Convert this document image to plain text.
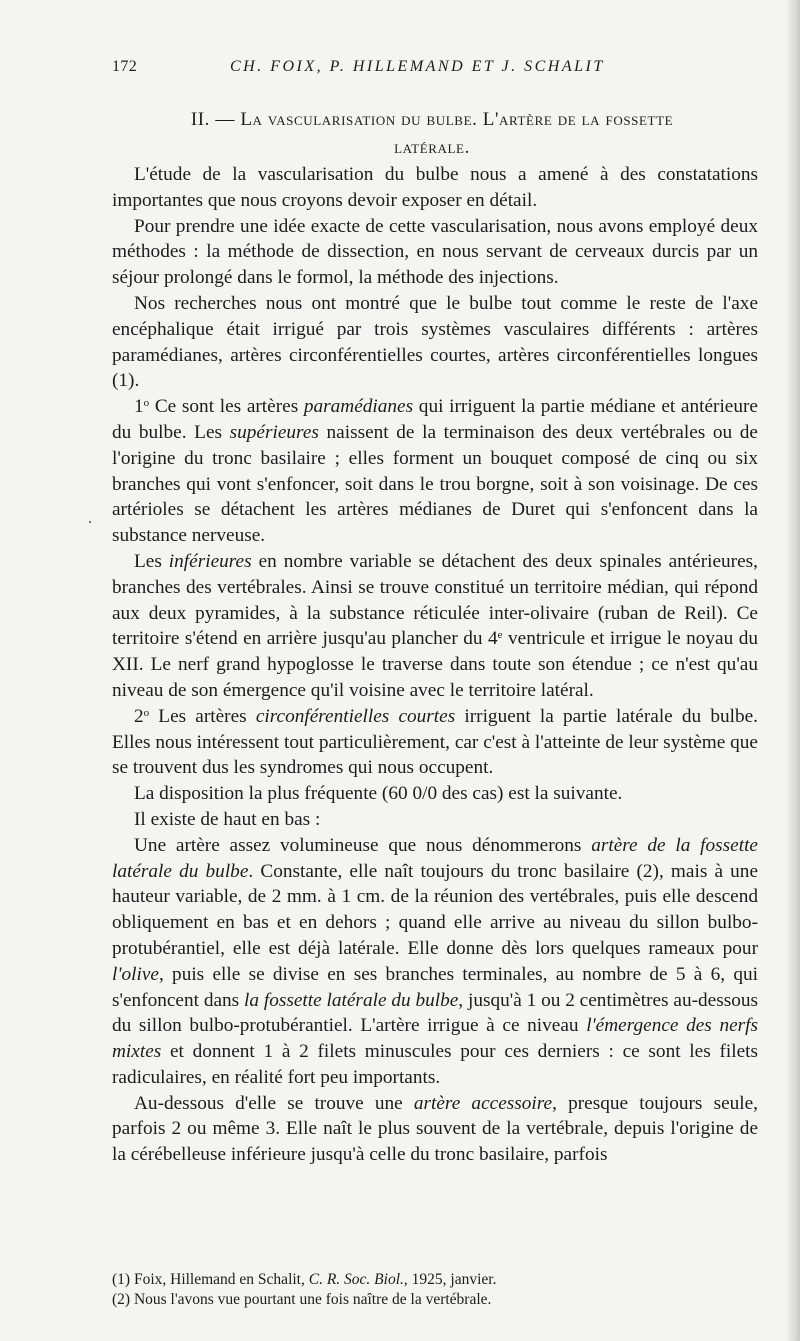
172	CH. FOIX, P. HILLEMAND ET J. SCHALIT
II. — La vascularisation du bulbe. L'artère de la fossette
latérale.
.

L'étude de la vascularisation du bulbe nous a amené à des constatations importantes que nous croyons devoir exposer en détail.

Pour prendre une idée exacte de cette vascularisation, nous avons employé deux méthodes : la méthode de dissection, en nous servant de cerveaux durcis par un séjour prolongé dans le formol, la méthode des injections.

Nos recherches nous ont montré que le bulbe tout comme le reste de l'axe encéphalique était irrigué par trois systèmes vasculaires différents : artères paramédianes, artères circonférentielles courtes, artères circonférentielles longues (1).

1$^o$ Ce sont les artères paramédianes qui irriguent la partie médiane et antérieure du bulbe. Les supérieures naissent de la terminaison des deux vertébrales ou de l'origine du tronc basilaire ; elles forment un bouquet composé de cinq ou six branches qui vont s'enfoncer, soit dans le trou borgne, soit à son voisinage. De ces artérioles se détachent les artères médianes de Duret qui s'enfoncent dans la substance nerveuse.

Les inférieures en nombre variable se détachent des deux spinales antérieures, branches des vertébrales. Ainsi se trouve constitué un territoire médian, qui répond aux deux pyramides, à la substance réticulée inter-olivaire (ruban de Reil). Ce territoire s'étend en arrière jusqu'au plancher du 4e ventricule et irrigue le noyau du XII. Le nerf grand hypoglosse le traverse dans toute son étendue ; ce n'est qu'au niveau de son émergence qu'il voisine avec le territoire latéral.

2$^o$ Les artères circonférentielles courtes irriguent la partie latérale du bulbe. Elles nous intéressent tout particulièrement, car c'est à l'atteinte de leur système que se trouvent dus les syndromes qui nous occupent.

La disposition la plus fréquente (60 0/0 des cas) est la suivante.

Il existe de haut en bas :

Une artère assez volumineuse que nous dénommerons artère de la fossette latérale du bulbe. Constante, elle naît toujours du tronc basilaire (2), mais à une hauteur variable, de 2 mm. à 1 cm. de la réunion des vertébrales, puis elle descend obliquement en bas et en dehors ; quand elle arrive au niveau du sillon bulbo-protubérantiel, elle est déjà latérale. Elle donne dès lors quelques rameaux pour l'olive, puis elle se divise en ses branches terminales, au nombre de 5 à 6, qui s'enfoncent dans la fossette latérale du bulbe, jusqu'à 1 ou 2 centimètres au-dessous du sillon bulbo-protubérantiel. L'artère irrigue à ce niveau l'émergence des nerfs mixtes et donnent 1 à 2 filets minuscules pour ces derniers : ce sont les filets radiculaires, en réalité fort peu importants.

Au-dessous d'elle se trouve une artère accessoire, presque toujours seule, parfois 2 ou même 3. Elle naît le plus souvent de la vertébrale, depuis l'origine de la cérébelleuse inférieure jusqu'à celle du tronc basilaire, parfois

(1) Foix, Hillemand en Schalit, C. R. Soc. Biol., 1925, janvier.

(2) Nous l'avons vue pourtant une fois naître de la vertébrale.
